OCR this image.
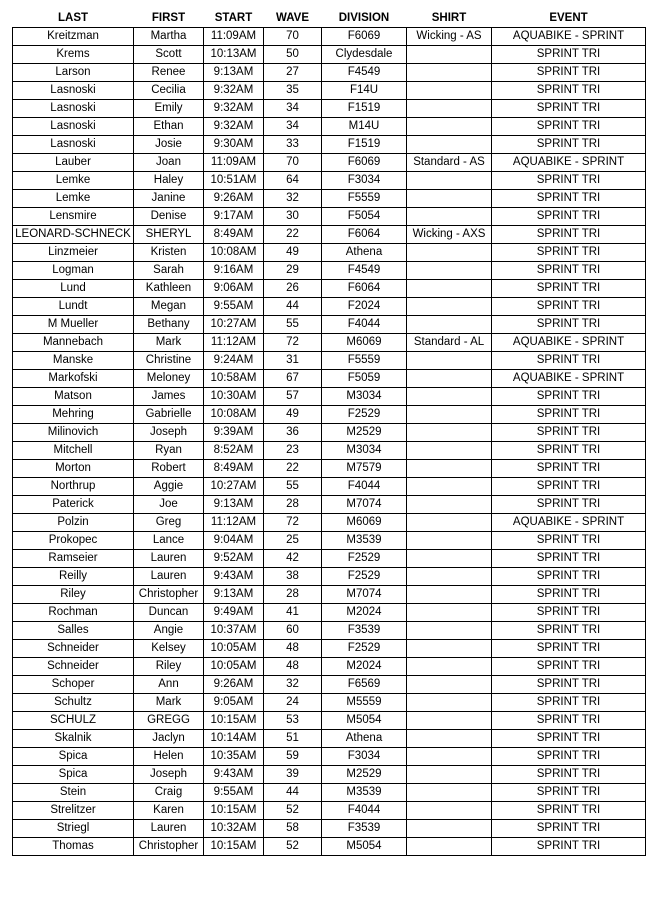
LAST	FIRST	START	WAVE	DIVISION	SHIRT	EVENT
Kreitzman	Martha	11:09AM	70	F6069	Wicking - AS	AQUABIKE - SPRINT
Krems	Scott	10:13AM	50	Clydesdale		SPRINT TRI
Larson	Renee	9:13AM	27	F4549		SPRINT TRI
Lasnoski	Cecilia	9:32AM	35	F14U		SPRINT TRI
Lasnoski	Emily	9:32AM	34	F1519		SPRINT TRI
Lasnoski	Ethan	9:32AM	34	M14U		SPRINT TRI
Lasnoski	Josie	9:30AM	33	F1519		SPRINT TRI
Lauber	Joan	11:09AM	70	F6069	Standard - AS	AQUABIKE - SPRINT
Lemke	Haley	10:51AM	64	F3034		SPRINT TRI
Lemke	Janine	9:26AM	32	F5559		SPRINT TRI
Lensmire	Denise	9:17AM	30	F5054		SPRINT TRI
LEONARD-SCHNECK	SHERYL	8:49AM	22	F6064	Wicking - AXS	SPRINT TRI
Linzmeier	Kristen	10:08AM	49	Athena		SPRINT TRI
Logman	Sarah	9:16AM	29	F4549		SPRINT TRI
Lund	Kathleen	9:06AM	26	F6064		SPRINT TRI
Lundt	Megan	9:55AM	44	F2024		SPRINT TRI
M Mueller	Bethany	10:27AM	55	F4044		SPRINT TRI
Mannebach	Mark	11:12AM	72	M6069	Standard - AL	AQUABIKE - SPRINT
Manske	Christine	9:24AM	31	F5559		SPRINT TRI
Markofski	Meloney	10:58AM	67	F5059		AQUABIKE - SPRINT
Matson	James	10:30AM	57	M3034		SPRINT TRI
Mehring	Gabrielle	10:08AM	49	F2529		SPRINT TRI
Milinovich	Joseph	9:39AM	36	M2529		SPRINT TRI
Mitchell	Ryan	8:52AM	23	M3034		SPRINT TRI
Morton	Robert	8:49AM	22	M7579		SPRINT TRI
Northrup	Aggie	10:27AM	55	F4044		SPRINT TRI
Paterick	Joe	9:13AM	28	M7074		SPRINT TRI
Polzin	Greg	11:12AM	72	M6069		AQUABIKE - SPRINT
Prokopec	Lance	9:04AM	25	M3539		SPRINT TRI
Ramseier	Lauren	9:52AM	42	F2529		SPRINT TRI
Reilly	Lauren	9:43AM	38	F2529		SPRINT TRI
Riley	Christopher	9:13AM	28	M7074		SPRINT TRI
Rochman	Duncan	9:49AM	41	M2024		SPRINT TRI
Salles	Angie	10:37AM	60	F3539		SPRINT TRI
Schneider	Kelsey	10:05AM	48	F2529		SPRINT TRI
Schneider	Riley	10:05AM	48	M2024		SPRINT TRI
Schoper	Ann	9:26AM	32	F6569		SPRINT TRI
Schultz	Mark	9:05AM	24	M5559		SPRINT TRI
SCHULZ	GREGG	10:15AM	53	M5054		SPRINT TRI
Skalnik	Jaclyn	10:14AM	51	Athena		SPRINT TRI
Spica	Helen	10:35AM	59	F3034		SPRINT TRI
Spica	Joseph	9:43AM	39	M2529		SPRINT TRI
Stein	Craig	9:55AM	44	M3539		SPRINT TRI
Strelitzer	Karen	10:15AM	52	F4044		SPRINT TRI
Striegl	Lauren	10:32AM	58	F3539		SPRINT TRI
Thomas	Christopher	10:15AM	52	M5054		SPRINT TRI
